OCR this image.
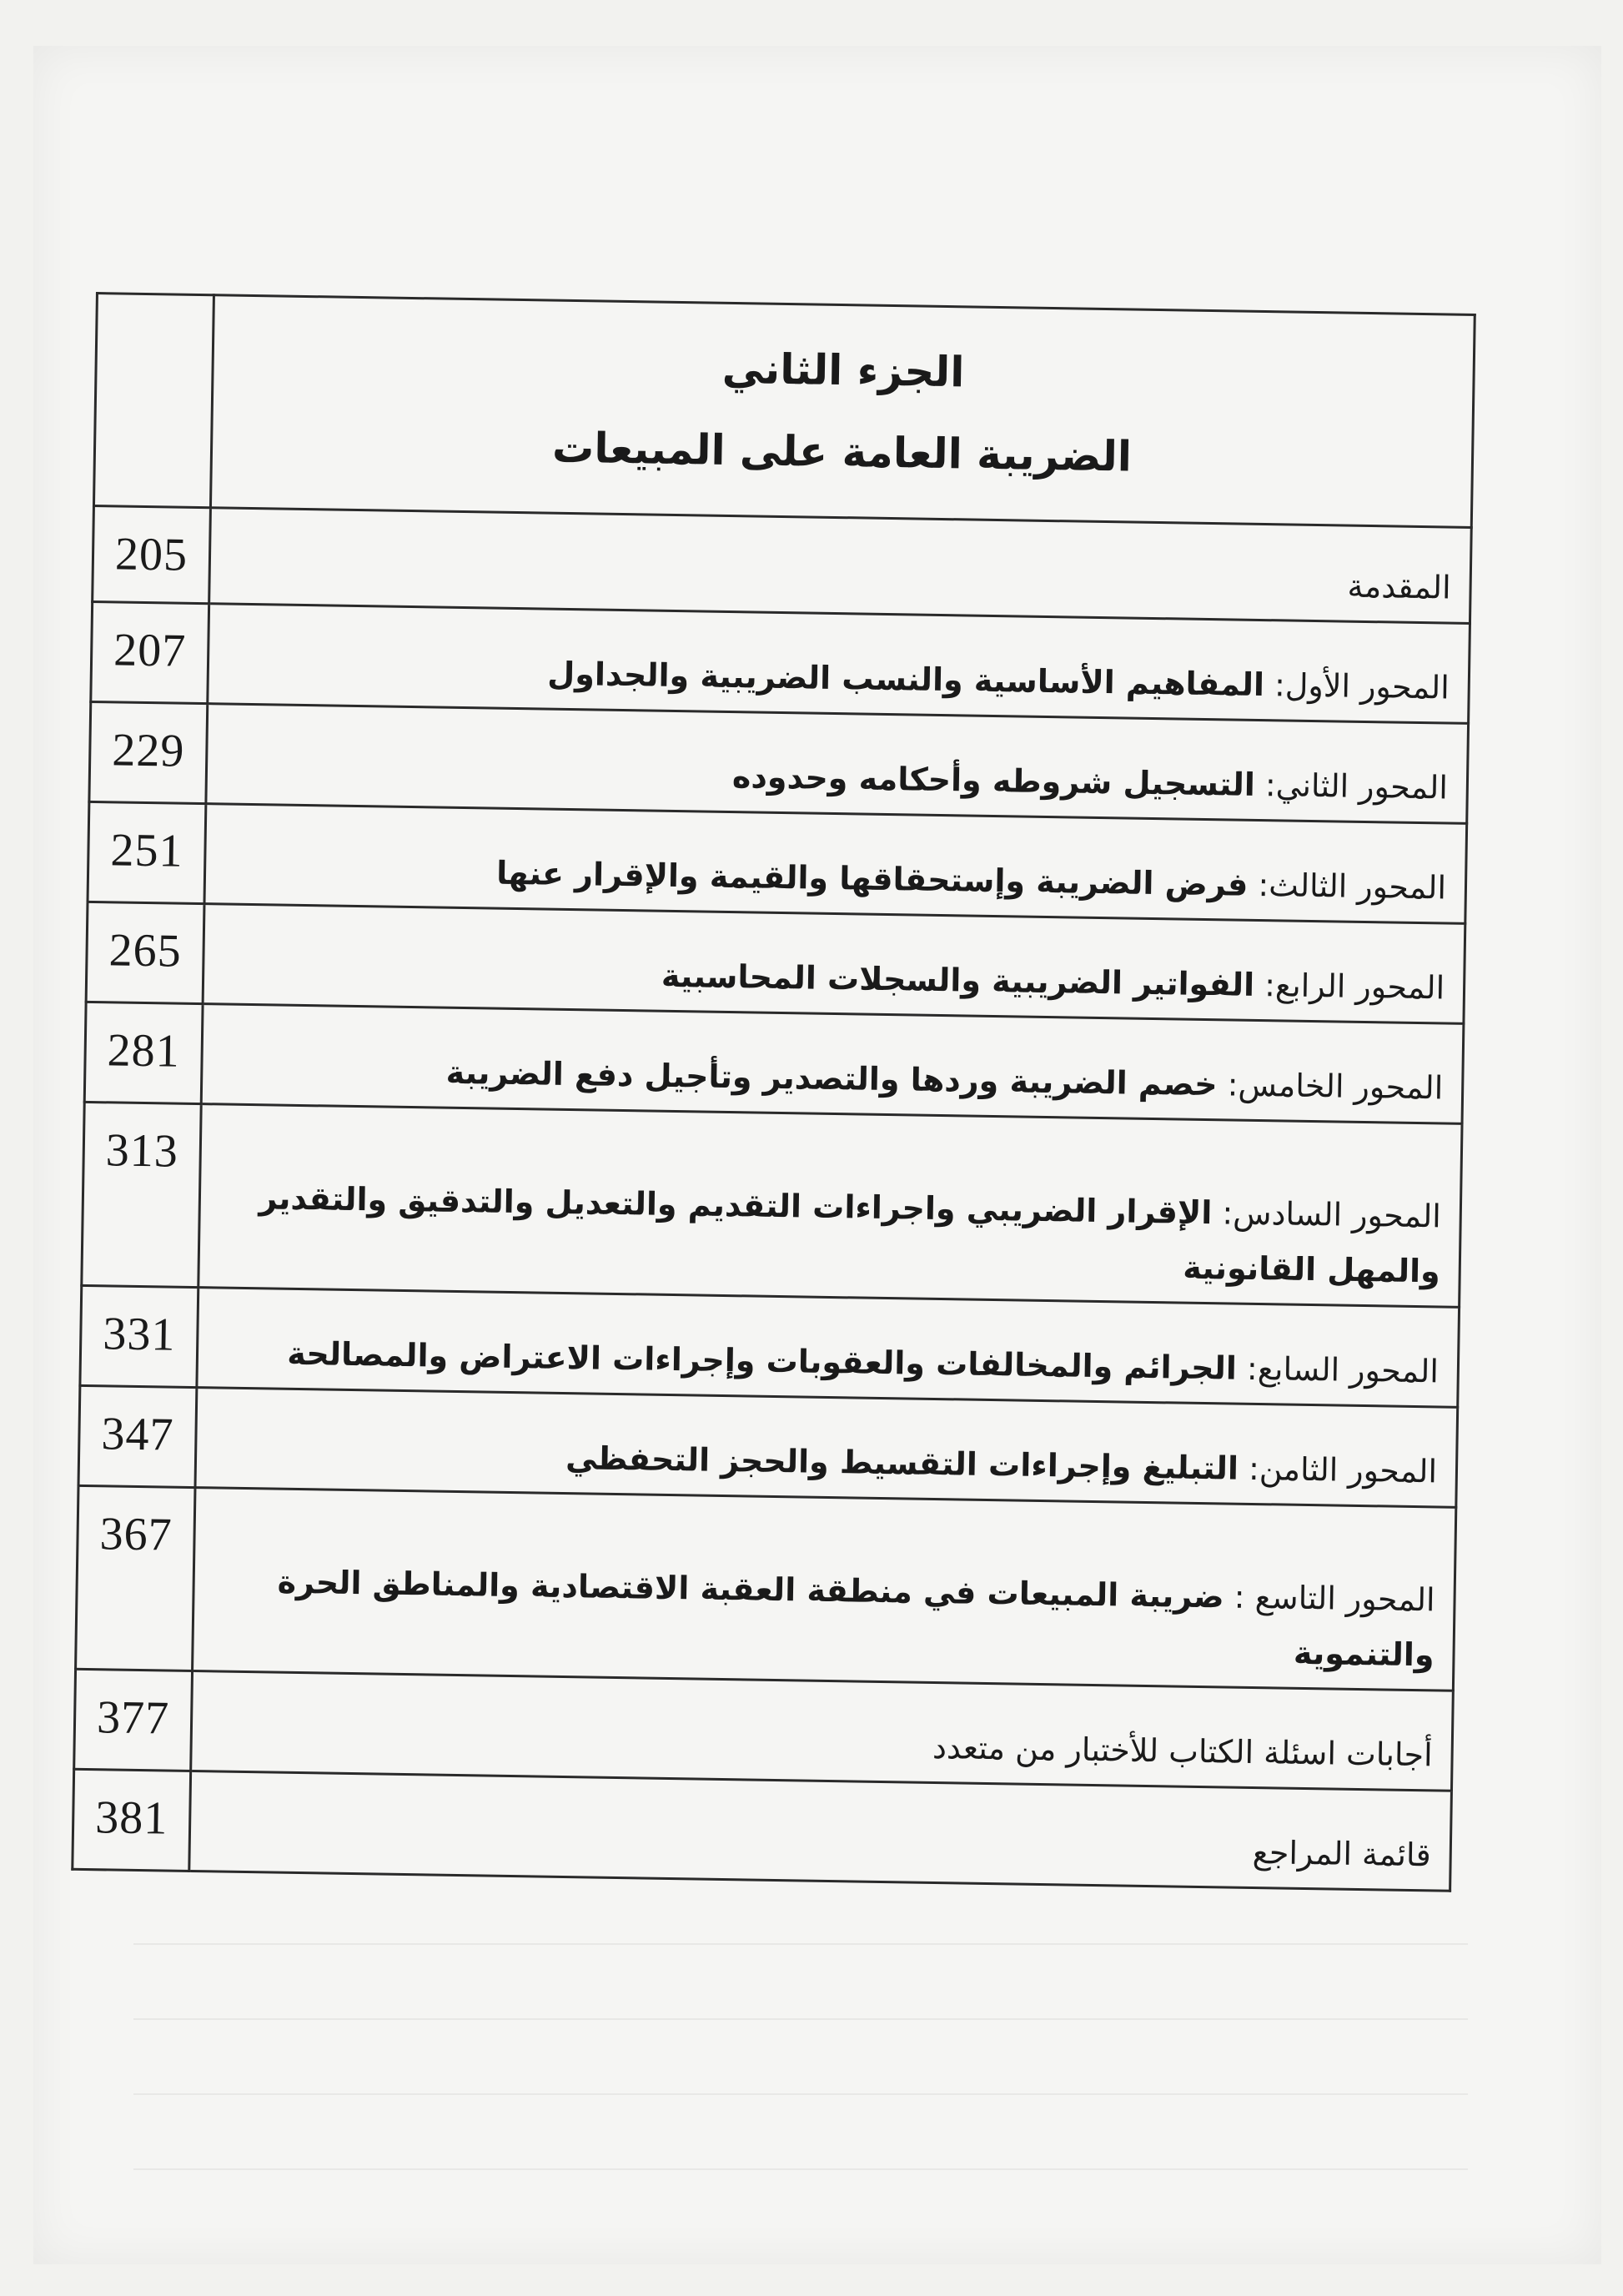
	الجزء الثاني
الضريبة العامة على المبيعات

205	المقدمة
207	المحور الأول: المفاهيم الأساسية والنسب الضريبية والجداول
229	المحور الثاني: التسجيل شروطه وأحكامه وحدوده
251	المحور الثالث: فرض الضريبة وإستحقاقها والقيمة والإقرار عنها
265	المحور الرابع: الفواتير الضريبية والسجلات المحاسبية
281	المحور الخامس: خصم الضريبة وردها والتصدير وتأجيل دفع الضريبة
313	المحور السادس: الإقرار الضريبي واجراءات التقديم والتعديل والتدقيق والتقدير والمهل القانونية
331	المحور السابع: الجرائم والمخالفات والعقوبات وإجراءات الاعتراض والمصالحة
347	المحور الثامن: التبليغ وإجراءات التقسيط والحجز التحفظي
367	المحور التاسع : ضريبة المبيعات في منطقة العقبة الاقتصادية والمناطق الحرة والتنموية
377	أجابات اسئلة الكتاب للأختبار من متعدد
381	قائمة المراجع
